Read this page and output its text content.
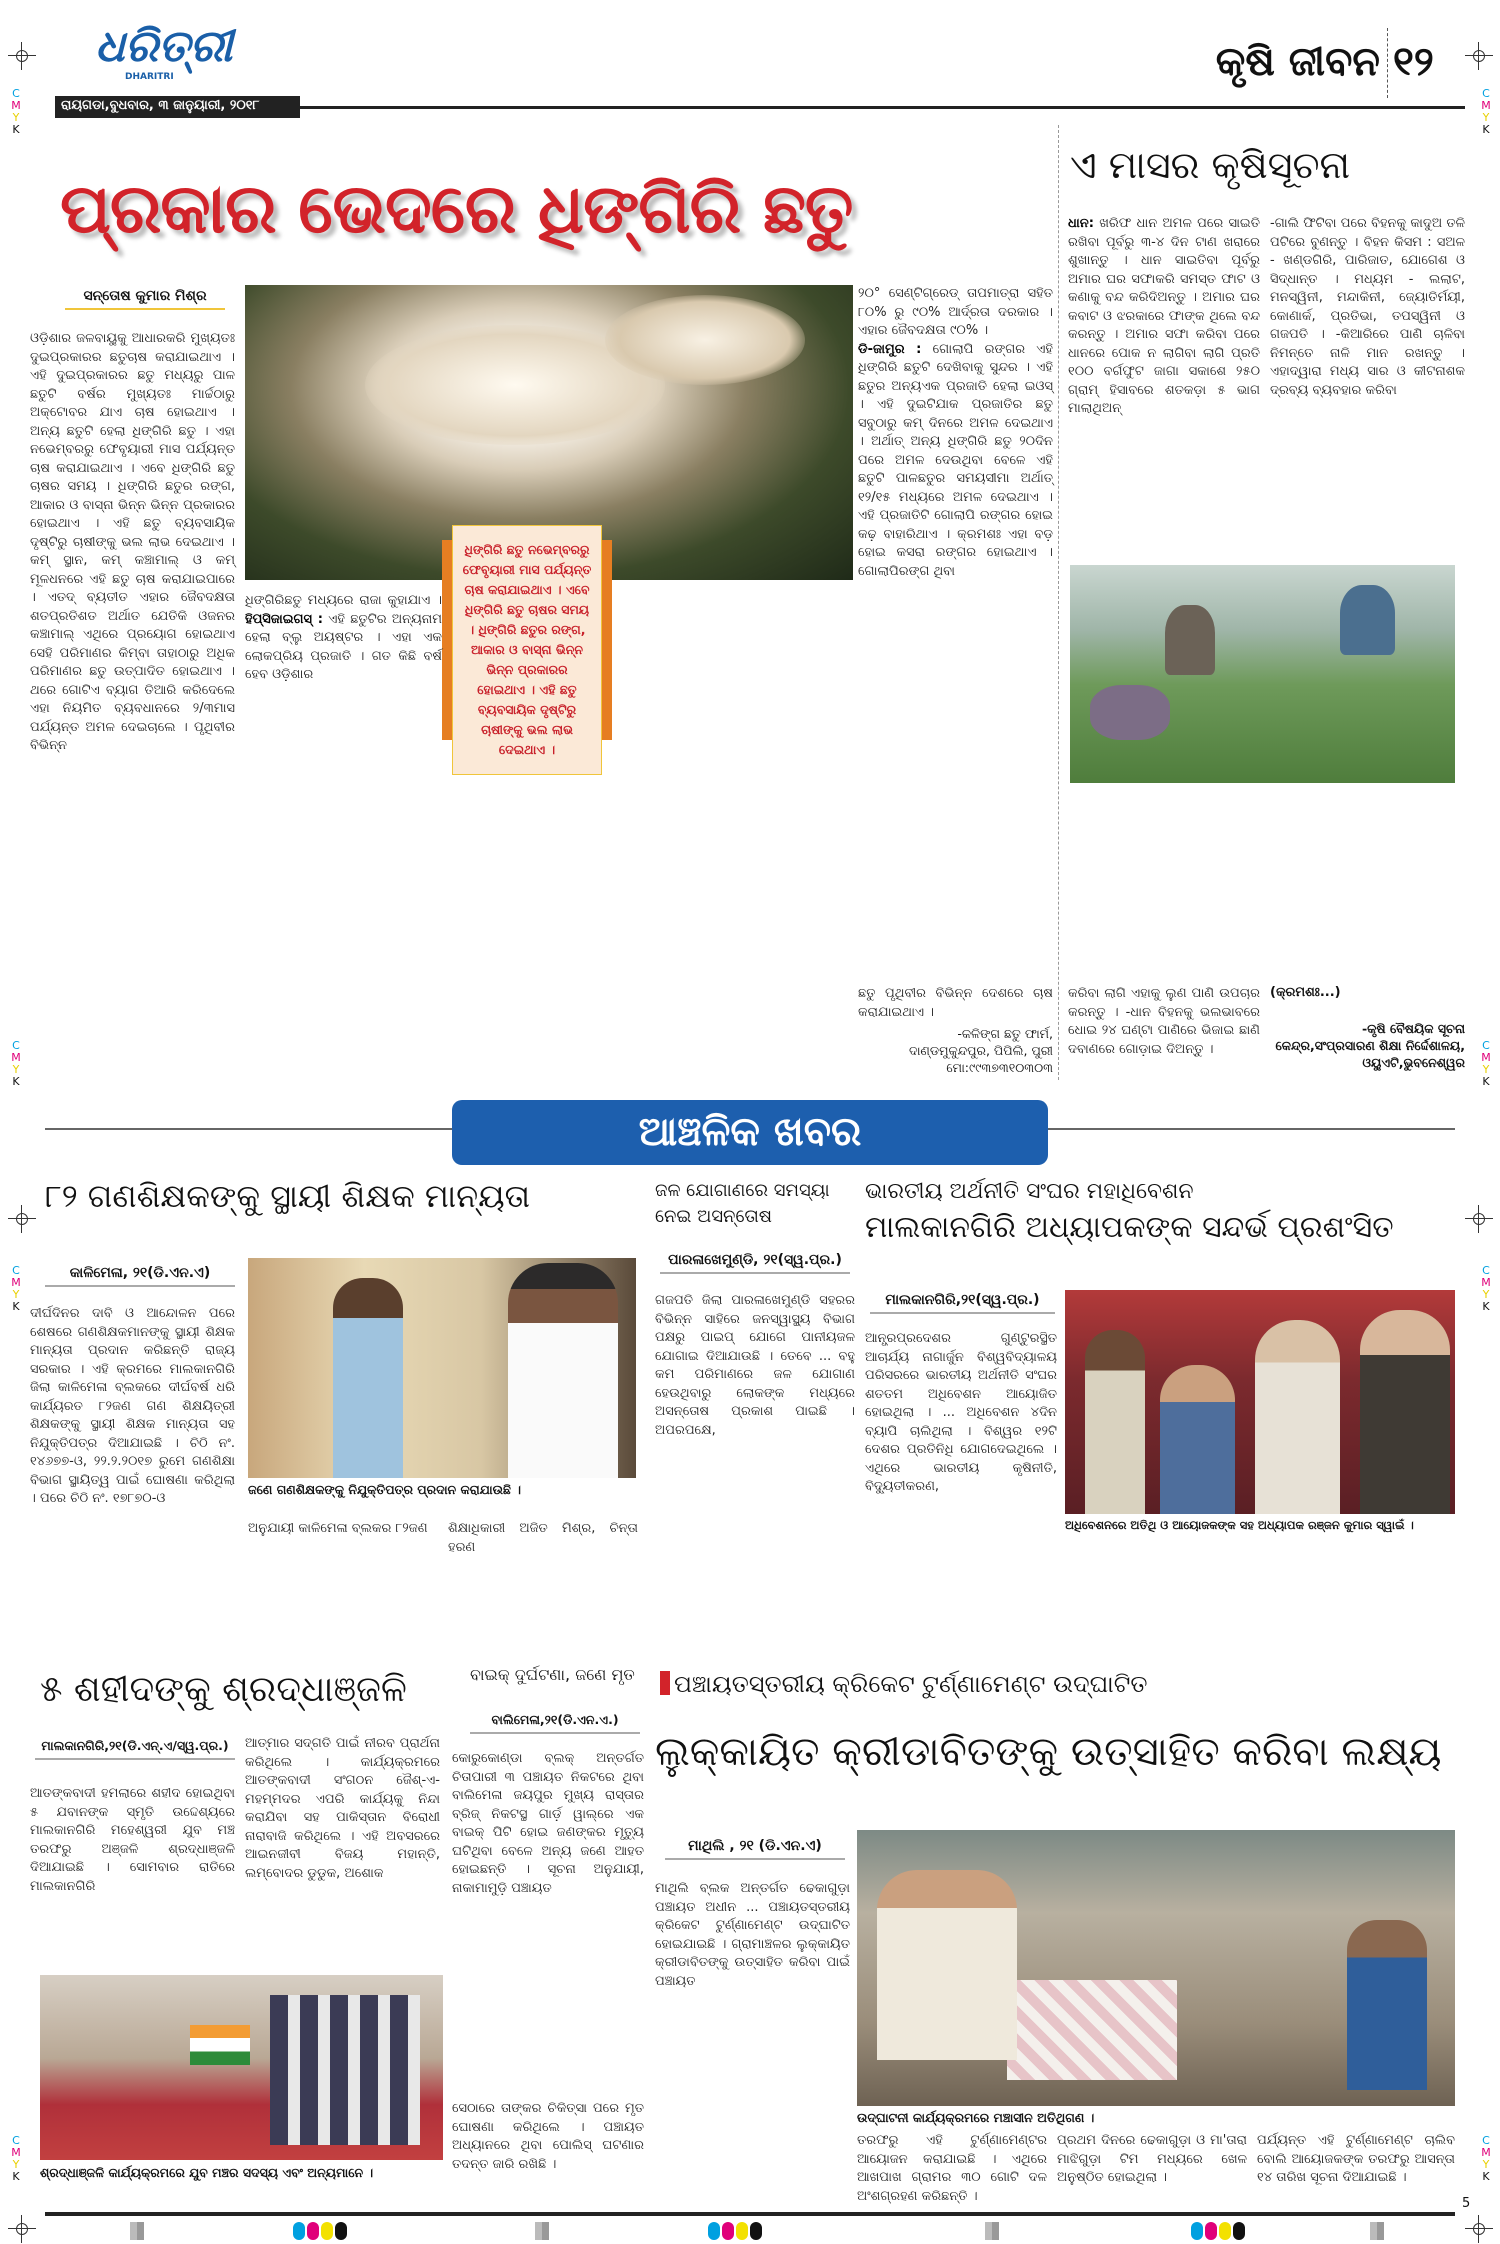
ଧରିତ୍ରୀ
DHARITRI
ରାୟଗଡା,ବୁଧବାର, ୩ ଜାନୁୟାରୀ, ୨୦୧୮
କୃଷି ଜୀବନ ୧୨
ପ୍ରକାର ଭେଦରେ ଧିଙ୍ଗିରି ଛତୁ
ସନ୍ତୋଷ କୁମାର ମିଶ୍ର
ଓଡ଼ିଶାର ଜଳବାୟୁକୁ ଆଧାରକରି ମୁଖ୍ୟତଃ ଦୁଇପ୍ରକାରର ଛତୁଚାଷ କରାଯାଇଥାଏ । ଏହି ଦୁଇପ୍ରକାରର ଛତୁ ମଧ୍ୟରୁ ପାଳ ଛତୁଟି ବର୍ଷର ମୁଖ୍ୟତଃ ମାର୍ଚ୍ଚଠାରୁ ଅକ୍ଟୋବର ଯାଏ ଚାଷ ହୋଇଥାଏ । ଅନ୍ୟ ଛତୁଟି ହେଲା ଧିଙ୍ଗିରି ଛତୁ । ଏହା ନଭେମ୍ବରରୁ ଫେବୃୟାରୀ ମାସ ପର୍ଯ୍ୟନ୍ତ ଚାଷ କରାଯାଇଥାଏ । ଏବେ ଧିଙ୍ଗିରି ଛତୁ ଚାଷର ସମୟ । ଧିଙ୍ଗିରି ଛତୁର ରଙ୍ଗ, ଆକାର ଓ ବାସ୍ନା ଭିନ୍ନ ଭିନ୍ନ ପ୍ରକାରର ହୋଇଥାଏ । ଏହି ଛତୁ ବ୍ୟବସାୟିକ ଦୃଷ୍ଟିରୁ ଚାଷୀଙ୍କୁ ଭଲ ଲାଭ ଦେଇଥାଏ । କମ୍ ସ୍ଥାନ, କମ୍ କଞ୍ଚାମାଲ୍ ଓ କମ୍ ମୂଳଧନରେ ଏହି ଛତୁ ଚାଷ କରାଯାଇପାରେ । ଏତଦ୍ ବ୍ୟତୀତ ଏହାର ଜୈବଦକ୍ଷତା ଶତପ୍ରତିଶତ ଅର୍ଥାତ ଯେତିକି ଓଜନର କଞ୍ଚାମାଲ୍ ଏଥିରେ ପ୍ରୟୋଗ ହୋଇଥାଏ ସେହି ପରିମାଣର କିମ୍ବା ତାହାଠାରୁ ଅଧିକ ପରିମାଣର ଛତୁ ଉତ୍ପାଦିତ ହୋଇଥାଏ । ଥରେ ଗୋଟିଏ ବ୍ୟାଗ ତିଆରି କରିଦେଲେ ଏହା ନିୟମିତ ବ୍ୟବଧାନରେ ୨/୩ମାସ ପର୍ଯ୍ୟନ୍ତ ଅମଳ ଦେଇଚାଲେ । ପୃଥିବୀର ବିଭିନ୍ନ
ଧିଙ୍ଗିରି ଛତୁ ନଭେମ୍ବରରୁ ଫେବୃୟାରୀ ମାସ ପର୍ଯ୍ୟନ୍ତ ଚାଷ କରାଯାଇଥାଏ । ଏବେ ଧିଙ୍ଗିରି ଛତୁ ଚାଷର ସମୟ । ଧିଙ୍ଗିରି ଛତୁର ରଙ୍ଗ, ଆକାର ଓ ବାସ୍ନା ଭିନ୍ନ ଭିନ୍ନ ପ୍ରକାରର ହୋଇଥାଏ । ଏହି ଛତୁ ବ୍ୟବସାୟିକ ଦୃଷ୍ଟିରୁ ଚାଷୀଙ୍କୁ ଭଲ ଲାଭ ଦେଇଥାଏ ।
ଧିଙ୍ଗିରିଛତୁ ମଧ୍ୟରେ ରାଜା କୁହାଯାଏ । ହିପ୍‌ସିଜାଇଗସ୍ : ଏହି ଛତୁଟିର ଅନ୍ୟନାମ ହେଲା ବ୍ଲୁ ଅୟଷ୍ଟର । ଏହା ଏକ ଲୋକପ୍ରିୟ ପ୍ରଜାତି । ଗତ କିଛି ବର୍ଷ ହେବ ଓଡ଼ିଶାର
୨୦° ସେଣ୍ଟିଗ୍ରେଡ୍ ତାପମାତ୍ରା ସହିତ ୮୦% ରୁ ୯୦% ଆର୍ଦ୍ରତା ଦରକାର । ଏହାର ଜୈବଦକ୍ଷତା ୯୦% ।
ଡି-ଜାମୁର : ଗୋଲାପି ରଙ୍ଗର ଏହି ଧିଙ୍ଗିରି ଛତୁଟି ଦେଖିବାକୁ ସୁନ୍ଦର । ଏହି ଛତୁର ଅନ୍ୟଏକ ପ୍ରଜାତି ହେଲା ଇଓସ୍ । ଏହି ଦୁଇଟିଯାକ ପ୍ରଜାତିର ଛତୁ ସବୁଠାରୁ କମ୍ ଦିନରେ ଅମଳ ଦେଇଥାଏ । ଅର୍ଥାତ୍ ଅନ୍ୟ ଧିଙ୍ଗିରି ଛତୁ ୨୦ଦିନ ପରେ ଅମଳ ଦେଉଥିବା ବେଳେ ଏହି ଛତୁଟି ପାଳଛତୁର ସମୟସୀମା ଅର୍ଥାତ୍ ୧୨/୧୫ ମଧ୍ୟରେ ଅମଳ ଦେଇଥାଏ । ଏହି ପ୍ରଜାତିଟି ଗୋଲାପି ରଙ୍ଗର ହୋଇ କଢ଼ ବାହାରିଥାଏ । କ୍ରମଶଃ ଏହା ବଡ଼ ହୋଇ କସରା ରଙ୍ଗର ହୋଇଥାଏ । ଗୋଲାପିରଙ୍ଗ ଥିବା
ଛତୁ ପୃଥିବୀର ବିଭିନ୍ନ ଦେଶରେ ଚାଷ କରାଯାଇଥାଏ ।
-କଳିଙ୍ଗ ଛତୁ ଫାର୍ମ,
ଦାଣ୍ଡମୁକୁନ୍ଦପୁର, ପିପିଲି, ପୁରୀ
ମୋ:୯୯୩୭୩୧୦୩୦୩
ଏ ମାସର କୃଷିସୂଚନା
ଧାନ: ଖରିଫ ଧାନ ଅମଳ ପରେ ସାଇତି ରଖିବା ପୂର୍ବରୁ ୩-୪ ଦିନ ଟାଣ ଖରାରେ ଶୁଖାନ୍ତୁ । ଧାନ ସାଇତିବା ପୂର୍ବରୁ ଅମାର ଘର ସଫାକରି ସମସ୍ତ ଫାଟ ଓ କଣାକୁ ବନ୍ଦ କରିଦିଅନ୍ତୁ । ଅମାର ଘର କବାଟ ଓ ଝରକାରେ ଫାଙ୍କ ଥିଲେ ବନ୍ଦ କରନ୍ତୁ । ଅମାର ସଫା କରିବା ପରେ ଧାନରେ ପୋକ ନ ଲାଗିବା ଲାଗି ପ୍ରତି ୧୦୦ ବର୍ଗଫୁଟ ଜାଗା ସକାଶେ ୨୫୦ ଗ୍ରାମ୍ ହିସାବରେ ଶତକଡ଼ା ୫ ଭାଗ ମାଲାଥିଅନ୍
-ଗାଲି ଫିଟିବା ପରେ ବିହନକୁ କାଦୁଅ ତଳି ପଟିରେ ବୁଣନ୍ତୁ । ବିହନ କିସମ : ସଅଳ - ଖଣ୍ଡଗିରି, ପାରିଜାତ, ଯୋଗେଶ ଓ ସିଦ୍ଧାନ୍ତ । ମଧ୍ୟମ - ଲଲାଟ, ମନସ୍ୱିନୀ, ମନ୍ଦାକିନୀ, ଜ୍ୟୋତିର୍ମୟୀ, କୋଣାର୍କ, ପ୍ରତିଭା, ତପସ୍ୱିନୀ ଓ ଗଜପତି । -କିଆରିରେ ପାଣି ଚାଳିବା ନିମନ୍ତେ ନାଳି ମାନ ରଖନ୍ତୁ । ଏହାଦ୍ୱାରା ମଧ୍ୟ ସାର ଓ କୀଟନାଶକ ଦ୍ରବ୍ୟ ବ୍ୟବହାର କରିବା
କରିବା ଲାଗି ଏହାକୁ ଲୁଣ ପାଣି ଉପଚାର କରନ୍ତୁ । -ଧାନ ବିହନକୁ ଭଲଭାବରେ ଧୋଇ ୨୪ ଘଣ୍ଟା ପାଣିରେ ଭିଜାଇ ଛାଣି ଦବାଣରେ ଗୋଡ଼ାଇ ଦିଅନ୍ତୁ ।
(କ୍ରମଶଃ...)
-କୃଷି ବୈଷୟିକ ସୂଚନା
କେନ୍ଦ୍ର,ସଂପ୍ରସାରଣ ଶିକ୍ଷା ନିର୍ଦ୍ଦେଶାଳୟ,
ଓୟୁଏଟି,ଭୁବନେଶ୍ୱର
ଆଞ୍ଚଳିକ ଖବର
୮୨ ଗଣଶିକ୍ଷକଙ୍କୁ ସ୍ଥାୟୀ ଶିକ୍ଷକ ମାନ୍ୟତା
କାଳିମେଳା, ୨୧(ଡି.ଏନ.ଏ)
ଦୀର୍ଘଦିନର ଦାବି ଓ ଆନ୍ଦୋଳନ ପରେ ଶେଷରେ ଗଣଶିକ୍ଷକମାନଙ୍କୁ ସ୍ଥାୟୀ ଶିକ୍ଷକ ମାନ୍ୟତା ପ୍ରଦାନ କରିଛନ୍ତି ରାଜ୍ୟ ସରକାର । ଏହି କ୍ରମରେ ମାଲକାନଗିରି ଜିଲା କାଳିମେଳା ବ୍ଲକରେ ଦୀର୍ଘବର୍ଷ ଧରି କାର୍ଯ୍ୟରତ ୮୨ଜଣ ଗଣ ଶିକ୍ଷୟିତ୍ରୀ ଶିକ୍ଷକଙ୍କୁ ସ୍ଥାୟୀ ଶିକ୍ଷକ ମାନ୍ୟତା ସହ ନିଯୁକ୍ତିପତ୍ର ଦିଆଯାଇଛି । ଚିଠି ନଂ. ୧୪୬୭୭-ଓ, ୨୨.୨.୨୦୧୭ ରୁମେ ଗଣଶିକ୍ଷା ବିଭାଗ ସ୍ଥାୟିତ୍ୱ ପାଇଁ ଘୋଷଣା କରିଥିଲା । ପରେ ଚିଠି ନଂ. ୧୭୮୭୦-ଓ
ଜଣେ ଗଣଶିକ୍ଷକଙ୍କୁ ନିଯୁକ୍ତିପତ୍ର ପ୍ରଦାନ କରାଯାଉଛି ।
ଅନୁଯାୟୀ କାଳିମେଳା ବ୍ଲକର ୮୨ଜଣ	ଶିକ୍ଷାଧିକାରୀ ଅଜିତ ମିଶ୍ର, ଚିନ୍ତା ହରଣ
ଜଳ ଯୋଗାଣରେ ସମସ୍ୟା ନେଇ ଅସନ୍ତୋଷ
ପାରଳାଖେମୁଣ୍ଡି, ୨୧(ସ୍ୱ.ପ୍ର.)
ଗଜପତି ଜିଲା ପାରଳାଖେମୁଣ୍ଡି ସହରର ବିଭିନ୍ନ ସାହିରେ ଜନସ୍ୱାସ୍ଥ୍ୟ ବିଭାଗ ପକ୍ଷରୁ ପାଇପ୍ ଯୋଗେ ପାନୀୟଜଳ ଯୋଗାଇ ଦିଆଯାଉଛି । ତେବେ ... ବହୁ କମ ପରିମାଣରେ ଜଳ ଯୋଗାଣ ହେଉଥିବାରୁ ଲୋକଙ୍କ ମଧ୍ୟରେ ଅସନ୍ତୋଷ ପ୍ରକାଶ ପାଇଛି । ଅପରପକ୍ଷେ,
ଭାରତୀୟ ଅର୍ଥନୀତି ସଂଘର ମହାଧିବେଶନ
ମାଲକାନଗିରି ଅଧ୍ୟାପକଙ୍କ ସନ୍ଦର୍ଭ ପ୍ରଶଂସିତ
ମାଲକାନଗିରି,୨୧(ସ୍ୱ.ପ୍ର.)
ଆନ୍ଧ୍ରପ୍ରଦେଶର ଗୁଣ୍ଟୁରସ୍ଥିତ ଆଚାର୍ଯ୍ୟ ନାଗାର୍ଜୁନ ବିଶ୍ୱବିଦ୍ୟାଳୟ ପରିସରରେ ଭାରତୀୟ ଅର୍ଥନୀତି ସଂଘର ଶତତମ ଅଧିବେଶନ ଆୟୋଜିତ ହୋଇଥିଲା । ... ଅଧିବେଶନ ୪ଦିନ ବ୍ୟାପି ଚାଲିଥିଲା । ବିଶ୍ୱର ୧୨ଟି ଦେଶର ପ୍ରତିନିଧି ଯୋଗଦେଇଥିଲେ । ଏଥିରେ ଭାରତୀୟ କୃଷିନୀତି, ବିଦ୍ୟୁତୀକରଣ,
ଅଧିବେଶନରେ ଅତିଥି ଓ ଆୟୋଜକଙ୍କ ସହ ଅଧ୍ୟାପକ ରଞ୍ଜନ କୁମାର ସ୍ୱାଇଁ ।
୫ ଶହୀଦଙ୍କୁ ଶ୍ରଦ୍ଧାଞ୍ଜଳି
ମାଲକାନଗିରି,୨୧(ଡି.ଏନ୍.ଏ/ସ୍ୱ.ପ୍ର.)
ଆତଙ୍କବାଦୀ ହମଲାରେ ଶହୀଦ ହୋଇଥିବା ୫ ଯବାନଙ୍କ ସ୍ମୃତି ଉଦ୍ଦେଶ୍ୟରେ ମାଲକାନଗିରି ମହେଶ୍ୱରୀ ଯୁବ ମଞ୍ଚ ତରଫରୁ ଅଞ୍ଜଳି ଶ୍ରଦ୍ଧାଞ୍ଜଳି ଦିଆଯାଇଛି । ସୋମବାର ରାତିରେ ମାଲକାନଗିରି
ଆତ୍ମାର ସଦ୍‌ଗତି ପାଇଁ ନୀରବ ପ୍ରାର୍ଥନା କରିଥିଲେ । କାର୍ଯ୍ୟକ୍ରମରେ ଆତଙ୍କବାଦୀ ସଂଗଠନ ଜୈଶ୍-ଏ-ମହମ୍ମଦର ଏପରି କାର୍ଯ୍ୟକୁ ନିନ୍ଦା କରାଯିବା ସହ ପାକିସ୍ତାନ ବିରୋଧୀ ନାରାବାଜି କରିଥିଲେ । ଏହି ଅବସରରେ ଆଇନଜୀବୀ ବିଜୟ ମହାନ୍ତି, ଲମ୍ବୋଦର ଡୁଡୁକ, ଅଶୋକ
ଶ୍ରଦ୍ଧାଞ୍ଜଳି କାର୍ଯ୍ୟକ୍ରମରେ ଯୁବ ମଞ୍ଚର ସଦସ୍ୟ ଏବଂ ଅନ୍ୟମାନେ ।
ବାଇକ୍ ଦୁର୍ଘଟଣା, ଜଣେ ମୃତ
ବାଲିମେଳା,୨୧(ଡି.ଏନ.ଏ.)
କୋରୁକୋଣ୍ଡା ବ୍ଲକ୍ ଅନ୍ତର୍ଗତ ଚିତାପାରୀ ୩ ପଞ୍ଚାୟତ ନିକଟରେ ଥିବା ବାଲିମେଳା ଜୟପୁର ମୁଖ୍ୟ ରାସ୍ତାର ବ୍ରିଜ୍ ନିକଟସ୍ଥ ଗାର୍ଡ଼ ୱାଲ୍‌ରେ ଏକ ବାଇକ୍ ପିଟି ହୋଇ ଜଣଙ୍କର ମୃତ୍ୟୁ ଘଟିଥିବା ବେଳେ ଅନ୍ୟ ଜଣେ ଆହତ ହୋଇଛନ୍ତି । ସୂଚନା ଅନୁଯାୟୀ, ନାକାମାମୁଡ଼ି ପଞ୍ଚାୟତ
ସେଠାରେ ତାଙ୍କର ଚିକିତ୍ସା ପରେ ମୃତ ଘୋଷଣା କରିଥିଲେ । ପଞ୍ଚାୟତ ଅଧ୍ୟାନରେ ଥିବା ପୋଲିସ୍ ଘଟଣାର ତଦନ୍ତ ଜାରି ରଖିଛି ।
ପଞ୍ଚାୟତସ୍ତରୀୟ କ୍ରିକେଟ ଟୁର୍ଣ୍ଣାମେଣ୍ଟ ଉଦ୍‌ଘାଟିତ
ଲୁକ୍କାୟିତ କ୍ରୀଡାବିତଙ୍କୁ ଉତ୍ସାହିତ କରିବା ଲକ୍ଷ୍ୟ
ମାଥିଲି , ୨୧ (ଡି.ଏନ.ଏ)
ମାଥିଲି ବ୍ଲକ ଅନ୍ତର୍ଗତ ଢେକାଗୁଡ଼ା ପଞ୍ଚାୟତ ଅଧୀନ ... ପଞ୍ଚାୟତସ୍ତରୀୟ କ୍ରିକେଟ ଟୁର୍ଣ୍ଣାମେଣ୍ଟ ଉଦ୍‌ଘାଟିତ ହୋଇଯାଇଛି । ଗ୍ରାମାଞ୍ଚଳର ଲୁକ୍କାୟିତ କ୍ରୀଡାବିତଙ୍କୁ ଉତ୍ସାହିତ କରିବା ପାଇଁ ପଞ୍ଚାୟତ
ଉଦ୍‌ଘାଟନୀ କାର୍ଯ୍ୟକ୍ରମରେ ମଞ୍ଚାସୀନ ଅତିଥିଗଣ ।
ତରଫରୁ ଏହି ଟୁର୍ଣ୍ଣାମେଣ୍ଟର ଆୟୋଜନ କରାଯାଇଛି । ଏଥିରେ ଆଖପାଖ ଗ୍ରାମର ୩୦ ଗୋଟି ଦଳ ଅଂଶଗ୍ରହଣ କରିଛନ୍ତି ।
ପ୍ରଥମ ଦିନରେ ଢେକାଗୁଡ଼ା ଓ ମା'ତାରା ମାଝିଗୁଡ଼ା ଟିମ ମଧ୍ୟରେ ଖେଳ ଅନୁଷ୍ଠିତ ହୋଇଥିଲା ।
ପର୍ଯ୍ୟନ୍ତ ଏହି ଟୁର୍ଣ୍ଣାମେଣ୍ଟ ଚାଲିବ ବୋଲି ଆୟୋଜକଙ୍କ ତରଫରୁ ଆସନ୍ତା ୧୪ ତାରିଖ ସୂଚନା ଦିଆଯାଇଛି ।
5
C
M
Y
K
C
M
Y
K
C
M
Y
K
C
M
Y
K
C
M
Y
K
C
M
Y
K
C
M
Y
K
C
M
Y
K
